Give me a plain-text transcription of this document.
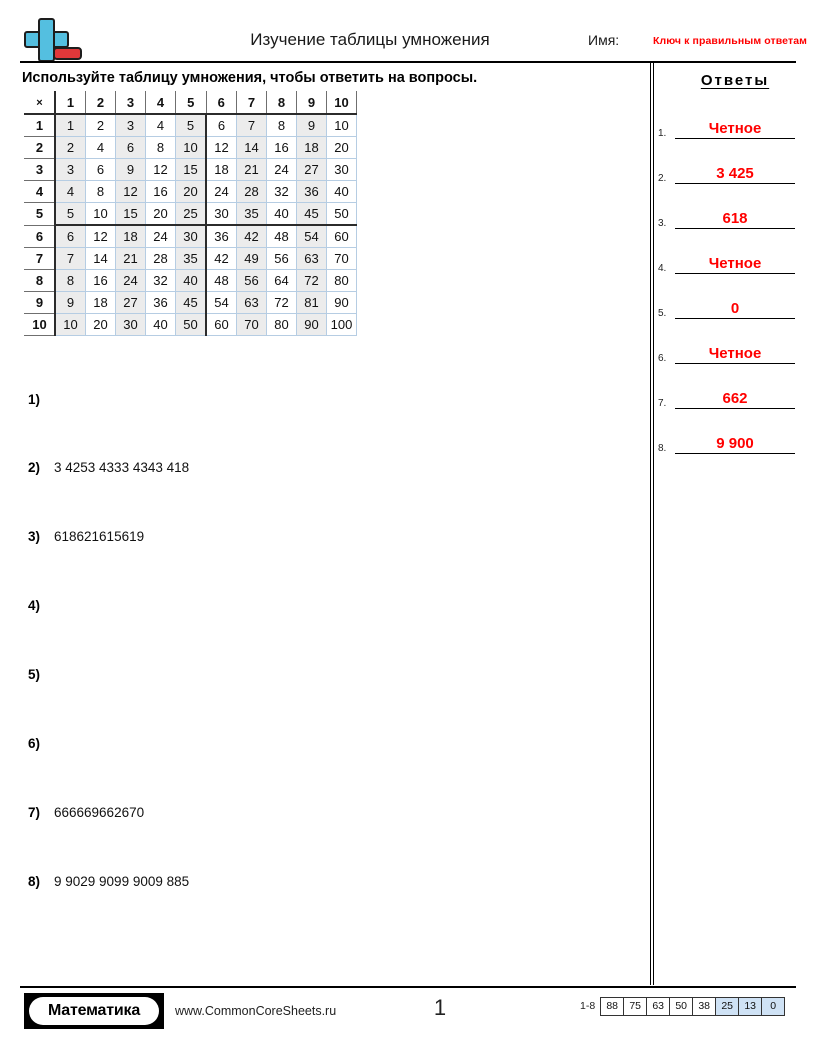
Изучение таблицы умножения	Имя:	Ключ к правильным ответам
Используйте таблицу умножения, чтобы ответить на вопросы.
×	1	2	3	4	5	6	7	8	9	10
1	1	2	3	4	5	6	7	8	9	10
2	2	4	6	8	10	12	14	16	18	20
3	3	6	9	12	15	18	21	24	27	30
4	4	8	12	16	20	24	28	32	36	40
5	5	10	15	20	25	30	35	40	45	50
6	6	12	18	24	30	36	42	48	54	60
7	7	14	21	28	35	42	49	56	63	70
8	8	16	24	32	40	48	56	64	72	80
9	9	18	27	36	45	54	63	72	81	90
10	10	20	30	40	50	60	70	80	90	100
1)
2) 3 4253 4333 4343 418
3) 618621615619
4)
5)
6)
7) 666669662670
8) 9 9029 9099 9009 885
Ответы
1.	Четное
2.	3 425
3.	618
4.	Четное
5.	0
6.	Четное
7.	662
8.	9 900
Математика	www.CommonCoreSheets.ru	1	1-8 88	75	63	50	38	25	13	0
